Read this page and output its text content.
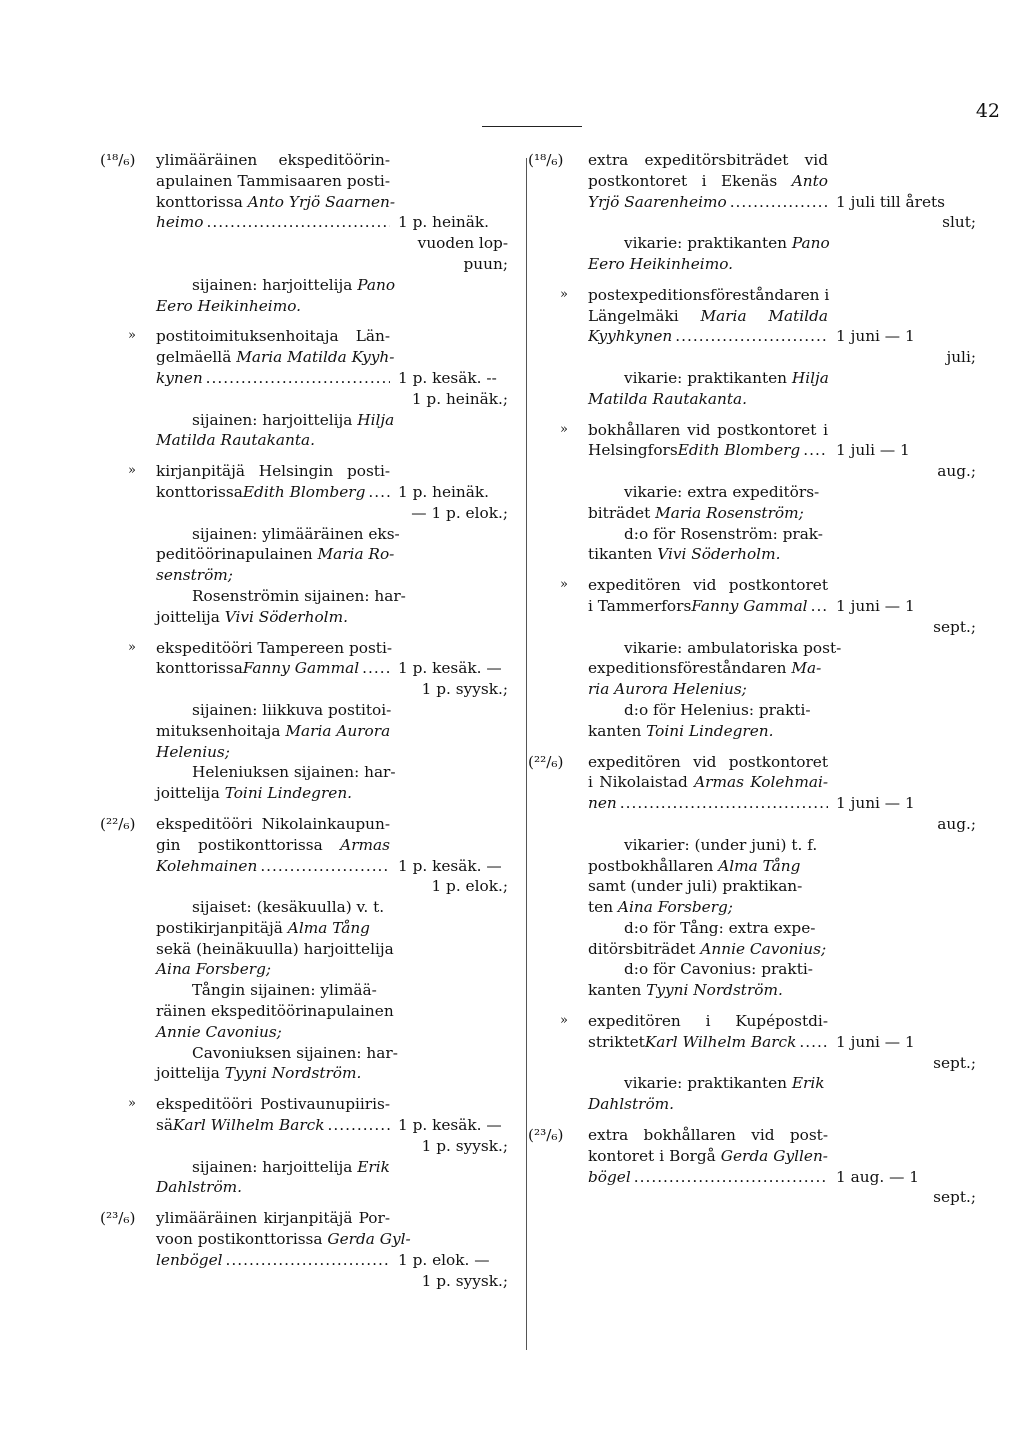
42
(¹⁸/₆) ylimääräinen ekspeditöörin-
apulainen Tammisaaren posti-
konttorissa Anto Yrjö Saarnen-
heimo .....	1 p. heinäk.
vuoden lop-
puun;
sijainen: harjoittelija Pano
Eero Heikinheimo.
» postitoimituksenhoitaja Län-
gelmäellä Maria Matilda Kyyh-
kynen .....	1 p. kesäk. --
1 p. heinäk.;
sijainen: harjoittelija Hilja
Matilda Rautakanta.
» kirjanpitäjä Helsingin posti-
konttorissa Edith Blomberg ..... 1 p. heinäk.
— 1 p. elok.;
sijainen: ylimääräinen eks-
peditöörinapulainen Maria Ro-
senström;
Rosenströmin sijainen: har-
joittelija Vivi Söderholm.
» ekspeditööri Tampereen posti-
konttorissa Fanny Gammal .....	1 p. kesäk. —
1 p. syysk.;
sijainen: liikkuva postitoi-
mituksenhoitaja Maria Aurora
Helenius;
Heleniuksen sijainen: har-
joittelija Toini Lindegren.
(²²/₆) ekspeditööri Nikolainkaupun-
gin postikonttorissa Armas
Kolehmainen .....	1 p. kesäk. —
1 p. elok.;
sijaiset: (kesäkuulla) v. t.
postikirjanpitäjä Alma Tång
sekä (heinäkuulla) harjoittelija
Aina Forsberg;
Tångin sijainen: ylimää-
räinen ekspeditöörinapulainen
Annie Cavonius;
Cavoniuksen sijainen: har-
joittelija Tyyni Nordström.
» ekspeditööri Postivaunupiiris-
sä Karl Wilhelm Barck .....	1 p. kesäk. —
1 p. syysk.;
sijainen: harjoittelija Erik
Dahlström.
(²³/₆) ylimääräinen kirjanpitäjä Por-
voon postikonttorissa Gerda Gyl-
lenbögel .....	1 p. elok. —
1 p. syysk.;
(¹⁸/₆) extra expeditörsbiträdet vid
postkontoret i Ekenäs Anto
Yrjö Saarenheimo .....	1 juli till årets
slut;
vikarie: praktikanten Pano
Eero Heikinheimo.
» postexpeditionsföreståndaren i
Längelmäki Maria Matilda
Kyyhkynen .....	1 juni — 1
juli;
vikarie: praktikanten Hilja
Matilda Rautakanta.
» bokhållaren vid postkontoret i
Helsingfors Edith Blomberg ..... 1 juli — 1
aug.;
vikarie: extra expeditörs-
biträdet Maria Rosenström;
d:o för Rosenström: prak-
tikanten Vivi Söderholm.
» expeditören vid postkontoret
i Tammerfors Fanny Gammal ..... 1 juni — 1
sept.;
vikarie: ambulatoriska post-
expeditionsföreståndaren Ma-
ria Aurora Helenius;
d:o för Helenius: prakti-
kanten Toini Lindegren.
(²²/₆) expeditören vid postkontoret
i Nikolaistad Armas Kolehmai-
nen .....	1 juni — 1
aug.;
vikarier: (under juni) t. f.
postbokhållaren Alma Tång
samt (under juli) praktikan-
ten Aina Forsberg;
d:o för Tång: extra expe-
ditörsbiträdet Annie Cavonius;
d:o för Cavonius: prakti-
kanten Tyyni Nordström.
» expeditören i Kupépostdi-
striktet Karl Wilhelm Barck .....	1 juni — 1
sept.;
vikarie: praktikanten Erik
Dahlström.
(²³/₆) extra bokhållaren vid post-
kontoret i Borgå Gerda Gyllen-
bögel .....	1 aug. — 1
sept.;
